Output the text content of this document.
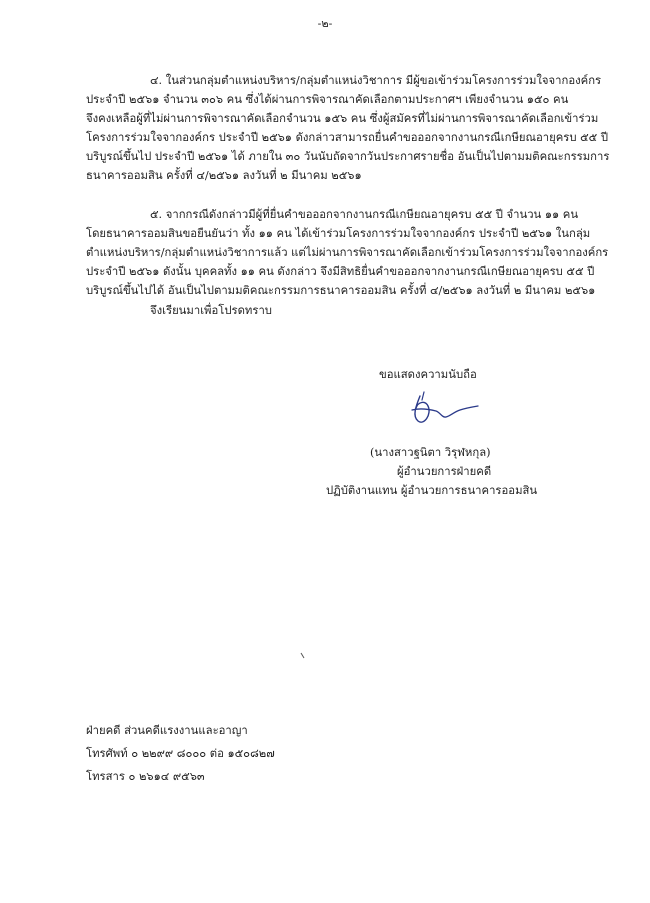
-๒-
๔. ในส่วนกลุ่มตำแหน่งบริหาร/กลุ่มตำแหน่งวิชาการ มีผู้ขอเข้าร่วมโครงการร่วมใจจากองค์กร
ประจำปี ๒๕๖๑ จำนวน ๓๐๖ คน ซึ่งได้ผ่านการพิจารณาคัดเลือกตามประกาศฯ เพียงจำนวน ๑๕๐ คน
จึงคงเหลือผู้ที่ไม่ผ่านการพิจารณาคัดเลือกจำนวน ๑๕๖ คน ซึ่งผู้สมัครที่ไม่ผ่านการพิจารณาคัดเลือกเข้าร่วม
โครงการร่วมใจจากองค์กร ประจำปี ๒๕๖๑ ดังกล่าวสามารถยื่นคำขอออกจากงานกรณีเกษียณอายุครบ ๕๕ ปี
บริบูรณ์ขึ้นไป ประจำปี ๒๕๖๑ ได้ ภายใน ๓๐ วันนับถัดจากวันประกาศรายชื่อ อันเป็นไปตามมติคณะกรรมการ
ธนาคารออมสิน ครั้งที่ ๔/๒๕๖๑ ลงวันที่ ๒ มีนาคม ๒๕๖๑
๕. จากกรณีดังกล่าวมีผู้ที่ยื่นคำขอออกจากงานกรณีเกษียณอายุครบ ๕๕ ปี จำนวน ๑๑ คน
โดยธนาคารออมสินขอยืนยันว่า ทั้ง ๑๑ คน ได้เข้าร่วมโครงการร่วมใจจากองค์กร ประจำปี ๒๕๖๑ ในกลุ่ม
ตำแหน่งบริหาร/กลุ่มตำแหน่งวิชาการแล้ว แต่ไม่ผ่านการพิจารณาคัดเลือกเข้าร่วมโครงการร่วมใจจากองค์กร
ประจำปี ๒๕๖๑ ดังนั้น บุคคลทั้ง ๑๑ คน ดังกล่าว จึงมีสิทธิยื่นคำขอออกจากงานกรณีเกษียณอายุครบ ๕๕ ปี
บริบูรณ์ขึ้นไปได้ อันเป็นไปตามมติคณะกรรมการธนาคารออมสิน ครั้งที่ ๔/๒๕๖๑ ลงวันที่ ๒ มีนาคม ๒๕๖๑
จึงเรียนมาเพื่อโปรดทราบ
ขอแสดงความนับถือ
(นางสาวฐนิตา วิรุฬหกุล)
ผู้อำนวยการฝ่ายคดี
ปฏิบัติงานแทน ผู้อำนวยการธนาคารออมสิน
ฝ่ายคดี ส่วนคดีแรงงานและอาญา
โทรศัพท์ ๐ ๒๒๙๙ ๘๐๐๐ ต่อ ๑๕๐๘๒๗
โทรสาร ๐ ๒๖๑๔ ๙๕๖๓
